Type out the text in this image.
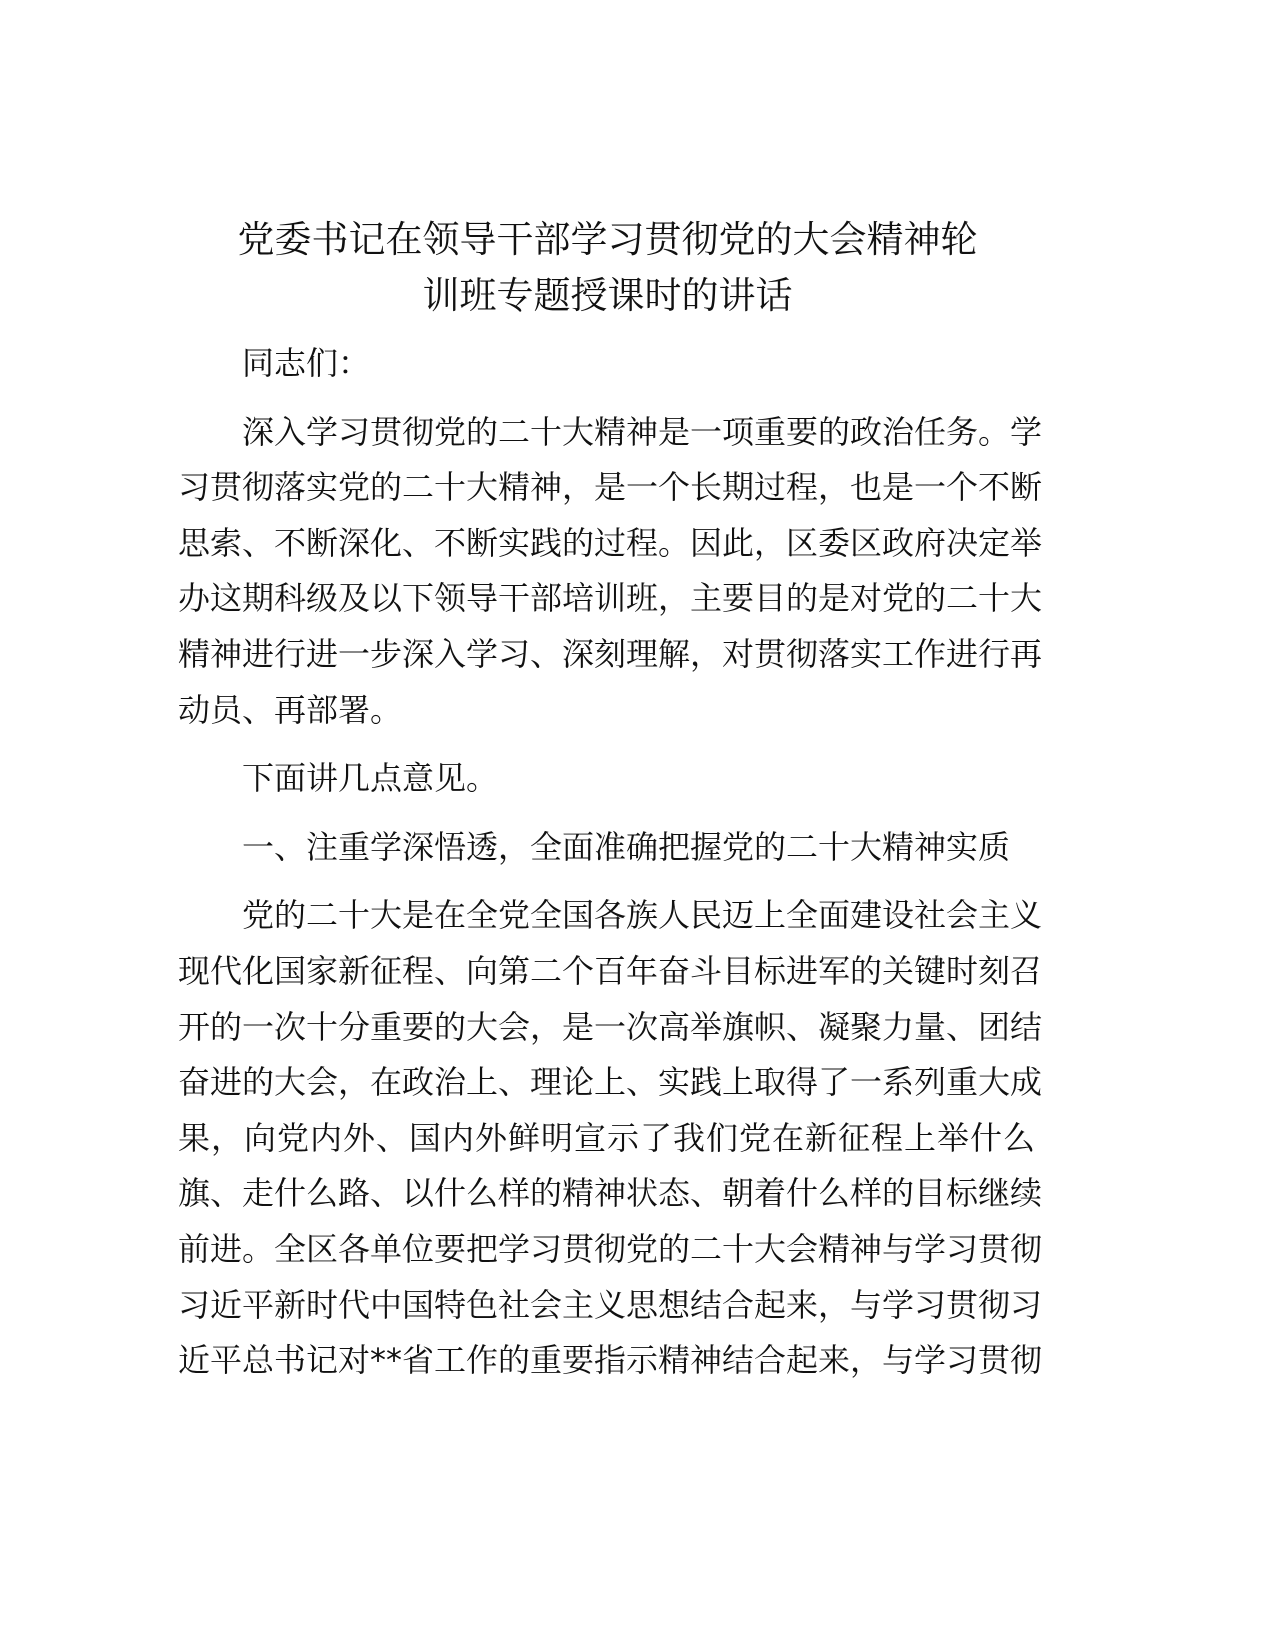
党委书记在领导干部学习贯彻党的大会精神轮
训班专题授课时的讲话
同志们：
深入学习贯彻党的二十大精神是一项重要的政治任务。学
习贯彻落实党的二十大精神，是一个长期过程，也是一个不断
思索、不断深化、不断实践的过程。因此，区委区政府决定举
办这期科级及以下领导干部培训班，主要目的是对党的二十大
精神进行进一步深入学习、深刻理解，对贯彻落实工作进行再
动员、再部署。
下面讲几点意见。
一、注重学深悟透，全面准确把握党的二十大精神实质
党的二十大是在全党全国各族人民迈上全面建设社会主义
现代化国家新征程、向第二个百年奋斗目标进军的关键时刻召
开的一次十分重要的大会，是一次高举旗帜、凝聚力量、团结
奋进的大会，在政治上、理论上、实践上取得了一系列重大成
果，向党内外、国内外鲜明宣示了我们党在新征程上举什么
旗、走什么路、以什么样的精神状态、朝着什么样的目标继续
前进。全区各单位要把学习贯彻党的二十大会精神与学习贯彻
习近平新时代中国特色社会主义思想结合起来，与学习贯彻习
近平总书记对**省工作的重要指示精神结合起来，与学习贯彻
